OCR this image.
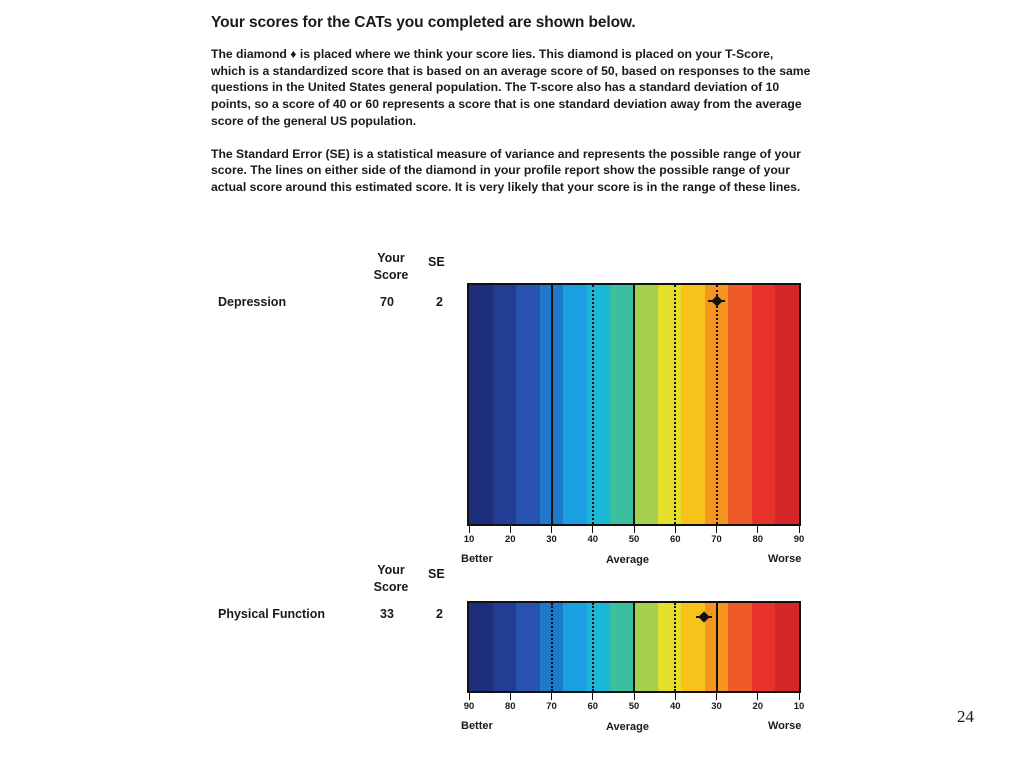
Your scores for the CATs you completed are shown below.

The diamond ♦ is placed where we think your score lies. This diamond is placed on your T-Score, which is a standardized score that is based on an average score of 50, based on responses to the same questions in the United States general population. The T-score also has a standard deviation of 10 points, so a score of 40 or 60 represents a score that is one standard deviation away from the average score of the general US population.

The Standard Error (SE) is a statistical measure of variance and represents the possible range of your score. The lines on either side of the diamond in your profile report show the possible range of your actual score around this estimated score. It is very likely that your score is in the range of these lines.

Your
Score
SE
Depression	70	2
10	20	30	40	50	60	70	80	90
Better	Average	Worse
Your
Score
SE
Physical Function	33	2
90	80	70	60	50	40	30	20	10
Better	Average	Worse	24
